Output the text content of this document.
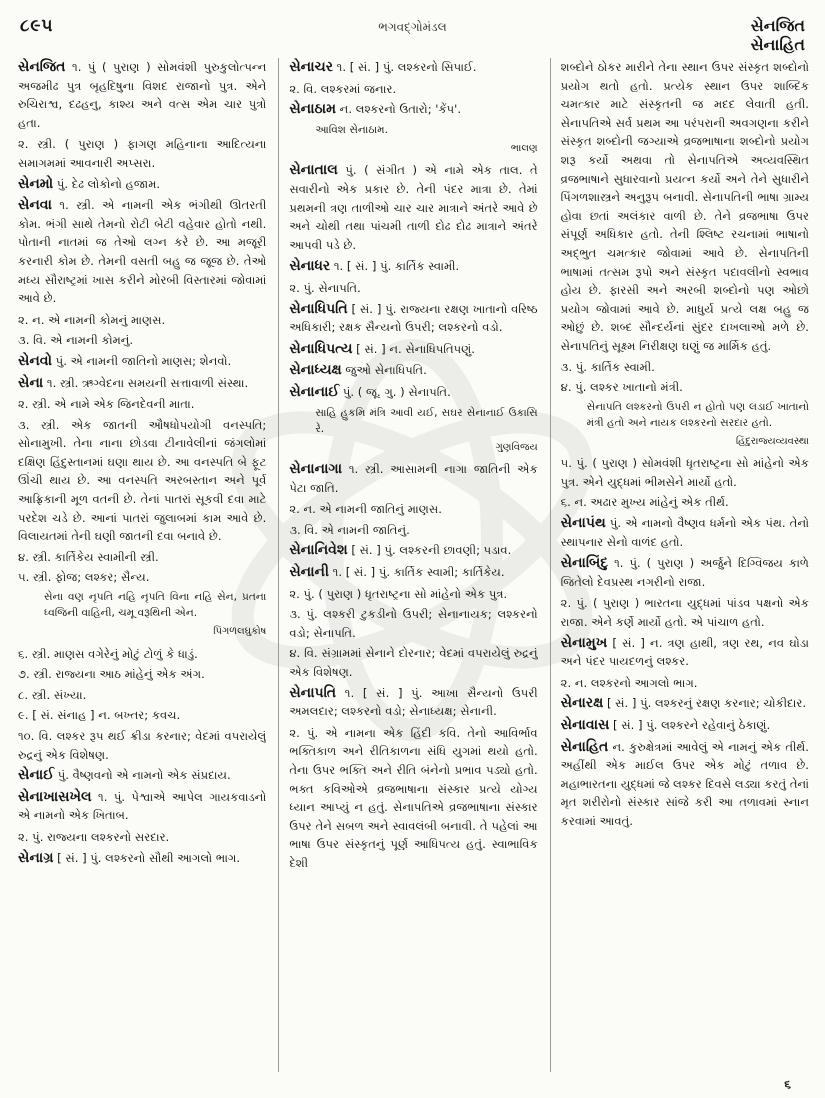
૮૯૫	ભગવદ્ગોમંડલ	સેનજિત
સેનાહિત
સેનજિત ૧. પું ( પુરાણ ) સોમવંશી પુરુકુલોત્પન્ન અજમીઢ પુત્ર બૃહદિષુના વિશદ રાજાનો પુત્ર. એને રુચિરાશ્વ, દઢહનુ, કાશ્ય અને વત્સ એમ ચાર પુત્રો હતા.
૨. સ્ત્રી. ( પુરાણ ) ફાગણ મહિનાના આદિત્યના સમાગમમાં આવનારી અપ્સરા.
સેનમો પું. દેઢ લોકોનો હજામ.
સેનવા ૧. સ્ત્રી. એ નામની એક ભંગીથી ઊતરતી કોમ. ભંગી સાથે તેમનો રોટી બેટી વહેવાર હોતો નથી. પોતાની નાતમાં જ તેઓ લગ્ન કરે છે. આ મજૂરી કરનારી કોમ છે. તેમની વસતી બહુ જ જૂજ છે. તેઓ મધ્ય સૌરાષ્ટ્રમાં ખાસ કરીને મોરબી વિસ્તારમાં જોવામાં આવે છે.
૨. ન. એ નામની કોમનું માણસ.
૩. વિ. એ નામની કોમનું.
સેનવો પું. એ નામની જાતિનો માણસ; શેનવો.
સેના ૧. સ્ત્રી. ઋગ્વેદના સમયની સત્તાવાળી સંસ્થા.
૨. સ્ત્રી. એ નામે એક જિનદેવની માતા.
૩. સ્ત્રી. એક જાતની ઔષધોપયોગી વનસ્પતિ; સોનામુખી. તેના નાના છોડવા ટીનાવેલીનાં જંગલોમાં દક્ષિણ હિંદુસ્તાનમાં ઘણા થાય છે. આ વનસ્પતિ બે ફૂટ ઊંચી થાય છે. આ વનસ્પતિ અરબસ્તાન અને પૂર્વ આફ્રિકાની મૂળ વતની છે. તેનાં પાતરાં સૂકવી દવા માટે પરદેશ ચડે છે. આનાં પાતરાં જુલાબમાં કામ આવે છે. વિલાયતમાં તેની ઘણી જાતની દવા બનાવે છે.
૪. સ્ત્રી. કાર્તિકેય સ્વામીની સ્ત્રી.
૫. સ્ત્રી. ફોજ; લશ્કર; સૈન્ય.
સેના વણ નૃપતિ નહિ નૃપતિ વિના નહિ સેન, પ્રતના ધ્વજિની વાહિની, ચમૂ વરૂથિની એન.
પિંગળલઘુકોષ
૬. સ્ત્રી. માણસ વગેરેનું મોટું ટોળું કે ધાડું.
૭. સ્ત્રી. રાજ્યના આઠ માંહેનું એક અંગ.
૮. સ્ત્રી. સંખ્યા.
૯. [ સં. સંનાહ ] ન. બખ્તર; કવચ.
૧૦. વિ. લશ્કર રૂપ થઈ ક્રીડા કરનાર; વેદમાં વપરાયેલું રુદ્રનું એક વિશેષણ.
સેનાઈ પું. વૈષ્ણવનો એ નામનો એક સંપ્રદાય.
સેનાખાસખેલ ૧. પું. પેશ્વાએ આપેલ ગાયકવાડનો એ નામનો એક ખિતાબ.
૨. પું. રાજ્યના લશ્કરનો સરદાર.
સેનાગ્ર [ સં. ] પું. લશ્કરનો સૌથી આગલો ભાગ.
સેનાચર ૧. [ સં. ] પું. લશ્કરનો સિપાઈ.
૨. વિ. લશ્કરમાં જનાર.
સેનાઠામ ન. લશ્કરનો ઉતારો; 'કેંપ'.
આવિશ સેનાઠામ.
ભાલણ
સેનાતાલ પું. ( સંગીત ) એ નામે એક તાલ. તે સવારીનો એક પ્રકાર છે. તેની પંદર માત્રા છે. તેમાં પ્રથમની ત્રણ તાળીઓ ચાર ચાર માત્રાને અંતરે આવે છે અને ચોથી તથા પાંચમી તાળી દોઢ દોઢ માત્રાને અંતરે આપવી પડે છે.
સેનાધર ૧. [ સં. ] પું. કાર્તિક સ્વામી.
૨. પું. સેનાપતિ.
સેનાધિપતિ [ સં. ] પું. રાજ્યના રક્ષણ ખાતાનો વરિષ્ઠ અધિકારી; રક્ષક સૈન્યનો ઉપરી; લશ્કરનો વડો.
સેનાધિપત્ય [ સં. ] ન. સેનાધિપતિપણું.
સેનાધ્યક્ષ જુઓ સેનાધિપતિ.
સેનાનાઈ પું. ( જૂ. ગુ. ) સેનાપતિ.
સાહિ હુકમિ મંત્રિ આવી યઈ, સઘર સેનાનાઈ ઉકાસિ રે.
ગુણવિજય
સેનાનાગા ૧. સ્ત્રી. આસામની નાગા જાતિની એક પેટા જાતિ.
૨. ન. એ નામની જાતિનું માણસ.
૩. વિ. એ નામની જાતિનું.
સેનાનિવેશ [ સં. ] પું. લશ્કરની છાવણી; પડાવ.
સેનાની ૧. [ સં. ] પું. કાર્તિક સ્વામી; કાર્તિકેય.
૨. પું. ( પુરાણ ) ધૃતરાષ્ટ્રના સો માંહેનો એક પુત્ર.
૩. પું. લશ્કરી ટુકડીનો ઉપરી; સેનાનાયક; લશ્કરનો વડો; સેનાપતિ.
૪. વિ. સંગ્રામમાં સેનાને દોરનાર; વેદમાં વપરાયેલું રુદ્રનું એક વિશેષણ.
સેનાપતિ ૧. [ સં. ] પું. આખા સૈન્યનો ઉપરી અમલદાર; લશ્કરનો વડો; સેનાધ્યક્ષ; સેનાની.
૨. પું. એ નામના એક હિંદી કવિ. તેનો આવિર્ભાવ ભક્તિકાળ અને રીતિકાળના સંધિ યુગમાં થયો હતો. તેના ઉપર ભક્તિ અને રીતિ બંનેનો પ્રભાવ પડ્યો હતો. ભક્ત કવિઓએ વ્રજભાષાના સંસ્કાર પ્રત્યે યોગ્ય ધ્યાન આપ્યું ન હતું. સેનાપતિએ વ્રજભાષાના સંસ્કાર ઉપર તેને સબળ અને સ્વાવલંબી બનાવી. તે પહેલાં આ ભાષા ઉપર સંસ્કૃતનું પૂર્ણ આધિપત્ય હતું. સ્વાભાવિક દેશી
શબ્દોને ઠોકર મારીને તેના સ્થાન ઉપર સંસ્કૃત શબ્દોનો પ્રયોગ થતો હતો. પ્રત્યેક સ્થાન ઉપર શાબ્દિક ચમત્કાર માટે સંસ્કૃતની જ મદદ લેવાતી હતી. સેનાપતિએ સર્વ પ્રથમ આ પરંપરાની અવગણના કરીને સંસ્કૃત શબ્દોની જગ્યાએ વ્રજભાષાના શબ્દોનો પ્રયોગ શરૂ કર્યો અથવા તો સેનાપતિએ અવ્યવસ્થિત વ્રજભાષાને સુધારવાનો પ્રયત્ન કર્યો અને તેને સુધારીને પિંગળશાસ્ત્રને અનુરૂપ બનાવી. સેનાપતિની ભાષા ગ્રામ્ય હોવા છતાં અલંકાર વાળી છે. તેને વ્રજભાષા ઉપર સંપૂર્ણ અધિકાર હતો. તેની શ્લિષ્ટ રચનામાં ભાષાનો અદ્ભુત ચમત્કાર જોવામાં આવે છે. સેનાપતિની ભાષામાં તત્સમ રૂપો અને સંસ્કૃત પદાવલીનો સ્વભાવ હોય છે. ફારસી અને અરબી શબ્દોનો પણ ઓછો પ્રયોગ જોવામાં આવે છે. માધુર્ય પ્રત્યે લક્ષ બહુ જ ઓછું છે. શબ્દ સૌન્દર્યનાં સુંદર દાખલાઓ મળે છે. સેનાપતિનું સૂક્ષ્મ નિરીક્ષણ ઘણું જ માર્મિક હતું.
૩. પું. કાર્તિક સ્વામી.
૪. પું. લશ્કર ખાતાનો મંત્રી.
સેનાપતિ લશ્કરનો ઉપરી ન હોતો પણ લડાઈ ખાતાનો મંત્રી હતો અને નાયક લશ્કરનો સરદાર હતો.
હિંદુરાજ્યવ્યવસ્થા
૫. પું. ( પુરાણ ) સોમવંશી ધૃતરાષ્ટ્રના સો માંહેનો એક પુત્ર. એને યુદ્ધમાં ભીમસેને માર્યો હતો.
૬. ન. અઢાર મુખ્ય માંહેનું એક તીર્થ.
સેનાપંથ પું. એ નામનો વૈષ્ણવ ધર્મનો એક પંથ. તેનો સ્થાપનાર સેનો વાળંદ હતો.
સેનાબિંદુ ૧. પું. ( પુરાણ ) અર્જુને દિગ્વિજય કાળે જિતેલો દેવપ્રસ્થ નગરીનો રાજા.
૨. પું. ( પુરાણ ) ભારતના યુદ્ધમાં પાંડવ પક્ષનો એક રાજા. એને કર્ણે માર્યો હતો. એ પાંચાળ હતો.
સેનામુખ [ સં. ] ન. ત્રણ હાથી, ત્રણ રથ, નવ ઘોડા અને પંદર પાયદળનું લશ્કર.
૨. ન. લશ્કરનો આગલો ભાગ.
સેનારક્ષ [ સં. ] પું. લશ્કરનું રક્ષણ કરનાર; ચોકીદાર.
સેનાવાસ [ સં. ] પું. લશ્કરને રહેવાનું ઠેકાણું.
સેનાહિત ન. કુરુક્ષેત્રમાં આવેલું એ નામનું એક તીર્થ. અહીંથી એક માઈલ ઉપર એક મોટું તળાવ છે. મહાભારતના યુદ્ધમાં જે લશ્કર દિવસે લડ્યા કરતું તેનાં મૃત શરીરોનો સંસ્કાર સાંજે કરી આ તળાવમાં સ્નાન કરવામાં આવતું.
૬
